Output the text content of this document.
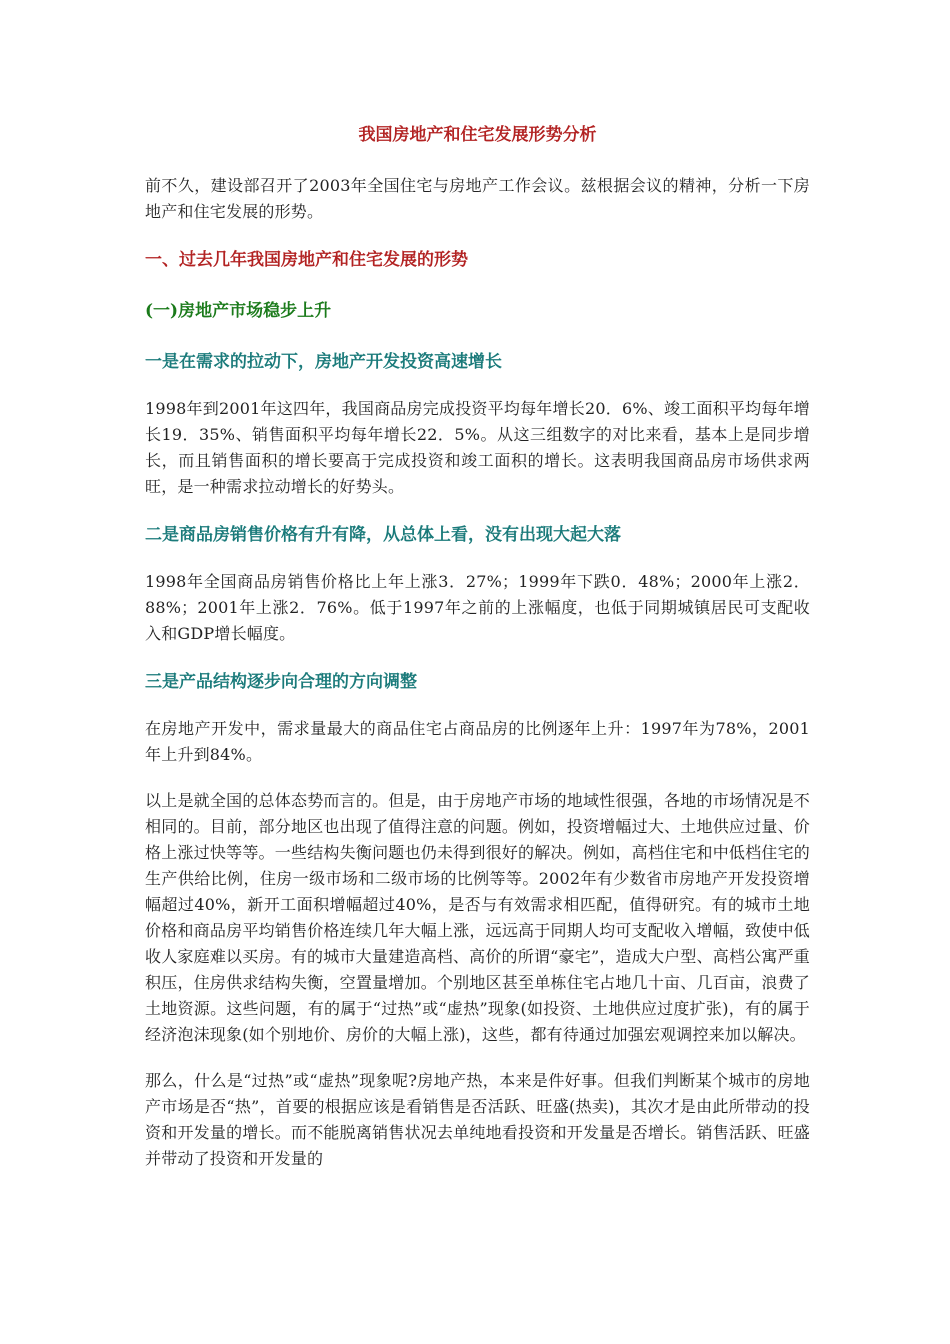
我国房地产和住宅发展形势分析

前不久，建设部召开了2003年全国住宅与房地产工作会议。兹根据会议的精神，分析一下房地产和住宅发展的形势。

一、过去几年我国房地产和住宅发展的形势
(一)房地产市场稳步上升
一是在需求的拉动下，房地产开发投资高速增长

1998年到2001年这四年，我国商品房完成投资平均每年增长20．6%、竣工面积平均每年增长19．35%、销售面积平均每年增长22．5%。从这三组数字的对比来看，基本上是同步增长，而且销售面积的增长要高于完成投资和竣工面积的增长。这表明我国商品房市场供求两旺，是一种需求拉动增长的好势头。

二是商品房销售价格有升有降，从总体上看，没有出现大起大落

1998年全国商品房销售价格比上年上涨3．27%；1999年下跌0．48%；2000年上涨2．88%；2001年上涨2．76%。低于1997年之前的上涨幅度，也低于同期城镇居民可支配收入和GDP增长幅度。

三是产品结构逐步向合理的方向调整

在房地产开发中，需求量最大的商品住宅占商品房的比例逐年上升：1997年为78%，2001年上升到84%。

以上是就全国的总体态势而言的。但是，由于房地产市场的地域性很强，各地的市场情况是不相同的。目前，部分地区也出现了值得注意的问题。例如，投资增幅过大、土地供应过量、价格上涨过快等等。一些结构失衡问题也仍未得到很好的解决。例如，高档住宅和中低档住宅的生产供给比例，住房一级市场和二级市场的比例等等。2002年有少数省市房地产开发投资增幅超过40%，新开工面积增幅超过40%，是否与有效需求相匹配，值得研究。有的城市土地价格和商品房平均销售价格连续几年大幅上涨，远远高于同期人均可支配收入增幅，致使中低收人家庭难以买房。有的城市大量建造高档、高价的所谓“豪宅”，造成大户型、高档公寓严重积压，住房供求结构失衡，空置量增加。个别地区甚至单栋住宅占地几十亩、几百亩，浪费了土地资源。这些问题，有的属于“过热”或“虚热”现象(如投资、土地供应过度扩张)，有的属于经济泡沫现象(如个别地价、房价的大幅上涨)，这些，都有待通过加强宏观调控来加以解决。

那么，什么是“过热”或“虚热”现象呢?房地产热，本来是件好事。但我们判断某个城市的房地产市场是否“热”，首要的根据应该是看销售是否活跃、旺盛(热卖)，其次才是由此所带动的投资和开发量的增长。而不能脱离销售状况去单纯地看投资和开发量是否增长。销售活跃、旺盛并带动了投资和开发量的
